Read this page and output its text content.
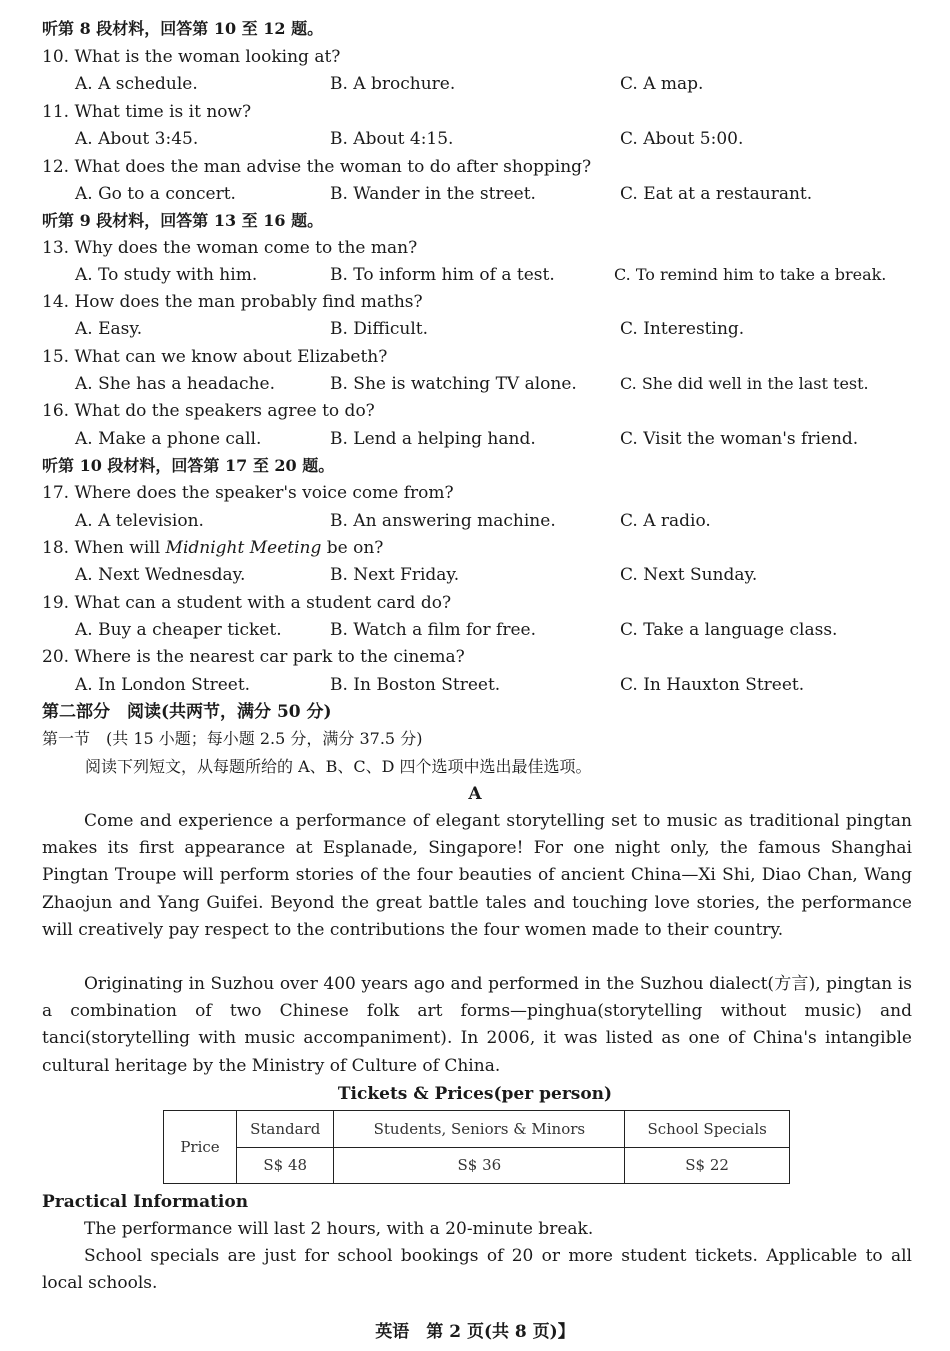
听第 8 段材料，回答第 10 至 12 题。
10. What is the woman looking at?
A. A schedule.	B. A brochure.	C. A map.
11. What time is it now?
A. About 3:45.	B. About 4:15.	C. About 5:00.
12. What does the man advise the woman to do after shopping?
A. Go to a concert.	B. Wander in the street.	C. Eat at a restaurant.
听第 9 段材料，回答第 13 至 16 题。
13. Why does the woman come to the man?
A. To study with him.	B. To inform him of a test.	C. To remind him to take a break.
14. How does the man probably find maths?
A. Easy.	B. Difficult.	C. Interesting.
15. What can we know about Elizabeth?
A. She has a headache.	B. She is watching TV alone.	C. She did well in the last test.
16. What do the speakers agree to do?
A. Make a phone call.	B. Lend a helping hand.	C. Visit the woman's friend.
听第 10 段材料，回答第 17 至 20 题。
17. Where does the speaker's voice come from?
A. A television.	B. An answering machine.	C. A radio.
18. When will Midnight Meeting be on?
A. Next Wednesday.	B. Next Friday.	C. Next Sunday.
19. What can a student with a student card do?
A. Buy a cheaper ticket.	B. Watch a film for free.	C. Take a language class.
20. Where is the nearest car park to the cinema?
A. In London Street.	B. In Boston Street.	C. In Hauxton Street.
第二部分　阅读(共两节，满分 50 分)
第一节　(共 15 小题；每小题 2.5 分，满分 37.5 分)
阅读下列短文，从每题所给的 A、B、C、D 四个选项中选出最佳选项。
A
Come and experience a performance of elegant storytelling set to music as traditional pingtan makes its first appearance at Esplanade, Singapore! For one night only, the famous Shanghai Pingtan Troupe will perform stories of the four beauties of ancient China—Xi Shi, Diao Chan, Wang Zhaojun and Yang Guifei. Beyond the great battle tales and touching love stories, the performance will creatively pay respect to the contributions the four women made to their country.
Originating in Suzhou over 400 years ago and performed in the Suzhou dialect(方言), pingtan is a combination of two Chinese folk art forms—pinghua(storytelling without music) and tanci(storytelling with music accompaniment). In 2006, it was listed as one of China's intangible cultural heritage by the Ministry of Culture of China.
Tickets & Prices(per person)
Price	Standard	Students, Seniors & Minors	School Specials
	S$ 48	S$ 36	S$ 22
Practical Information
The performance will last 2 hours, with a 20-minute break.
School specials are just for school bookings of 20 or more student tickets. Applicable to all local schools.
英语　第 2 页(共 8 页)】
